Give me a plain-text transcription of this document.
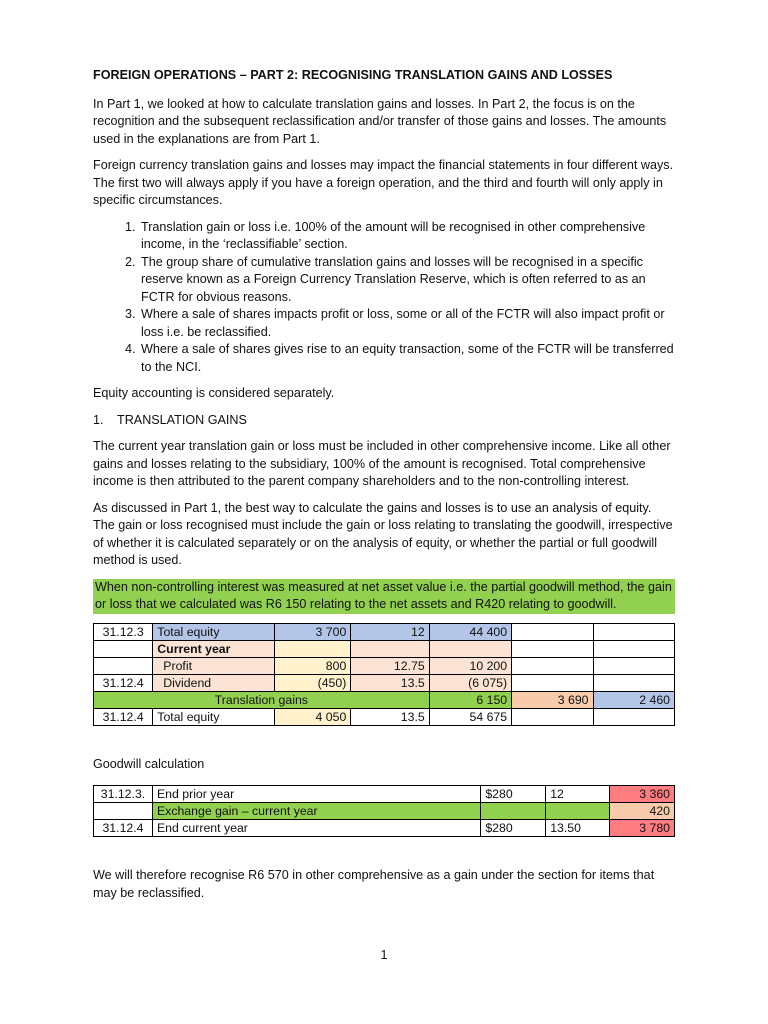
FOREIGN OPERATIONS – PART 2: RECOGNISING TRANSLATION GAINS AND LOSSES

In Part 1, we looked at how to calculate translation gains and losses. In Part 2, the focus is on the recognition and the subsequent reclassification and/or transfer of those gains and losses. The amounts used in the explanations are from Part 1.

Foreign currency translation gains and losses may impact the financial statements in four different ways. The first two will always apply if you have a foreign operation, and the third and fourth will only apply in specific circumstances.

1. Translation gain or loss i.e. 100% of the amount will be recognised in other comprehensive income, in the ‘reclassifiable’ section.
2. The group share of cumulative translation gains and losses will be recognised in a specific reserve known as a Foreign Currency Translation Reserve, which is often referred to as an FCTR for obvious reasons.
3. Where a sale of shares impacts profit or loss, some or all of the FCTR will also impact profit or loss i.e. be reclassified.
4. Where a sale of shares gives rise to an equity transaction, some of the FCTR will be transferred to the NCI.

Equity accounting is considered separately.

1.	TRANSLATION GAINS

The current year translation gain or loss must be included in other comprehensive income. Like all other gains and losses relating to the subsidiary, 100% of the amount is recognised. Total comprehensive income is then attributed to the parent company shareholders and to the non-controlling interest.

As discussed in Part 1, the best way to calculate the gains and losses is to use an analysis of equity. The gain or loss recognised must include the gain or loss relating to translating the goodwill, irrespective of whether it is calculated separately or on the analysis of equity, or whether the partial or full goodwill method is used.

When non-controlling interest was measured at net asset value i.e. the partial goodwill method, the gain or loss that we calculated was R6 150 relating to the net assets and R420 relating to goodwill.
31.12.3	Total equity	3 700	12	44 400		
	Current year					
	Profit	800	12.75	10 200		
31.12.4	Dividend	(450)	13.5	(6 075)		
Translation gains				6 150	3 690	2 460
31.12.4	Total equity	4 050	13.5	54 675		

Goodwill calculation

31.12.3.	End prior year	$280	12	3 360
	Exchange gain – current year			420
31.12.4	End current year	$280	13.50	3 780

We will therefore recognise R6 570 in other comprehensive as a gain under the section for items that may be reclassified.

1
